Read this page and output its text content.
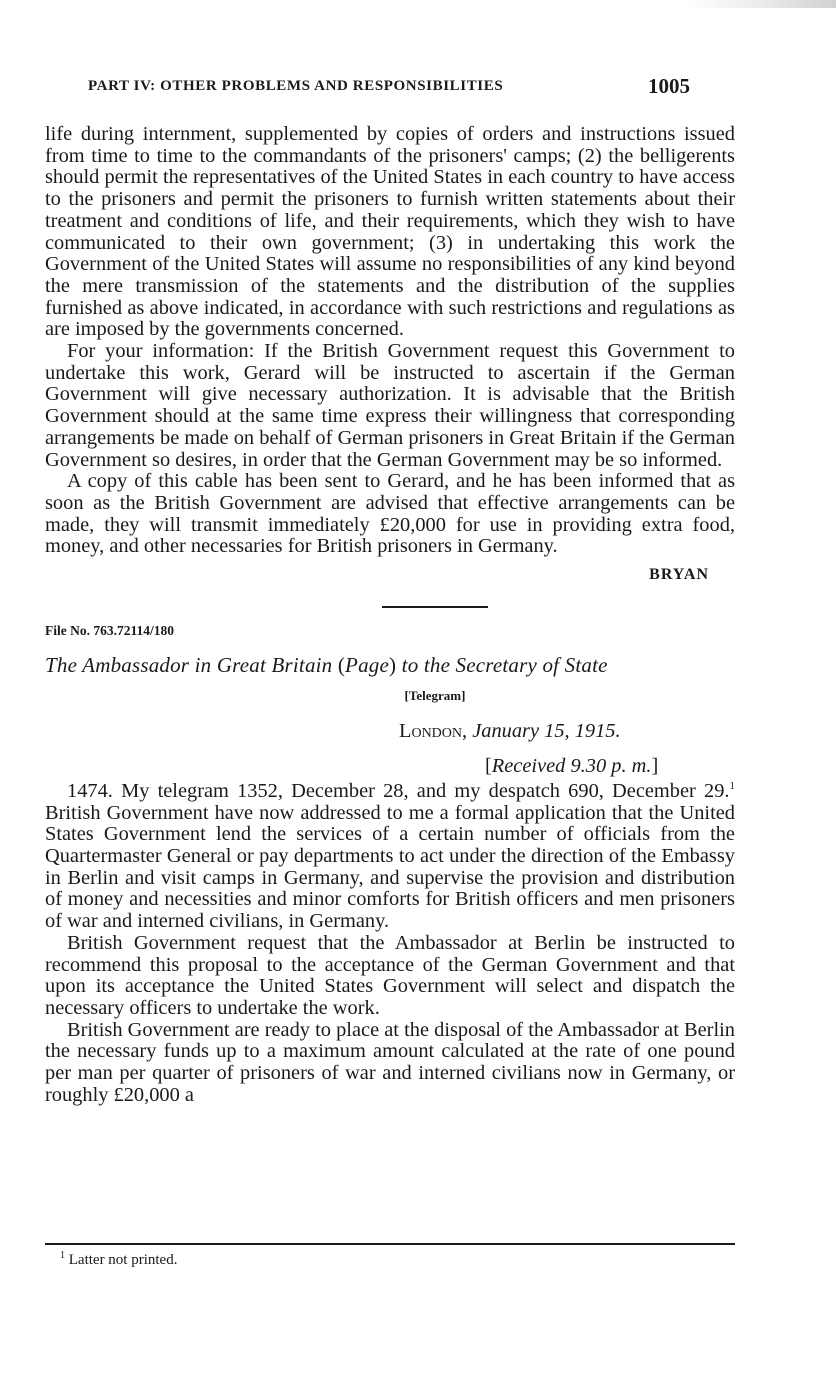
PART IV: OTHER PROBLEMS AND RESPONSIBILITIES	1005

life during internment, supplemented by copies of orders and instructions issued from time to time to the commandants of the prisoners' camps; (2) the belligerents should permit the representatives of the United States in each country to have access to the prisoners and permit the prisoners to furnish written statements about their treatment and conditions of life, and their requirements, which they wish to have communicated to their own government; (3) in undertaking this work the Government of the United States will assume no responsibilities of any kind beyond the mere transmission of the statements and the distribution of the supplies furnished as above indicated, in accordance with such restrictions and regulations as are imposed by the governments concerned.

For your information: If the British Government request this Government to undertake this work, Gerard will be instructed to ascertain if the German Government will give necessary authorization. It is advisable that the British Government should at the same time express their willingness that corresponding arrangements be made on behalf of German prisoners in Great Britain if the German Government so desires, in order that the German Government may be so informed.

A copy of this cable has been sent to Gerard, and he has been informed that as soon as the British Government are advised that effective arrangements can be made, they will transmit immediately £20,000 for use in providing extra food, money, and other necessaries for British prisoners in Germany.

BRYAN
File No. 763.72114/180
The Ambassador in Great Britain (Page) to the Secretary of State
[Telegram]
London, January 15, 1915.
[Received 9.30 p. m.]

1474. My telegram 1352, December 28, and my despatch 690, December 29.$^1$ British Government have now addressed to me a formal application that the United States Government lend the services of a certain number of officials from the Quartermaster General or pay departments to act under the direction of the Embassy in Berlin and visit camps in Germany, and supervise the provision and distribution of money and necessities and minor comforts for British officers and men prisoners of war and interned civilians, in Germany.

British Government request that the Ambassador at Berlin be instructed to recommend this proposal to the acceptance of the German Government and that upon its acceptance the United States Government will select and dispatch the necessary officers to undertake the work.

British Government are ready to place at the disposal of the Ambassador at Berlin the necessary funds up to a maximum amount calculated at the rate of one pound per man per quarter of prisoners of war and interned civilians now in Germany, or roughly £20,000 a

$^1$ Latter not printed.
